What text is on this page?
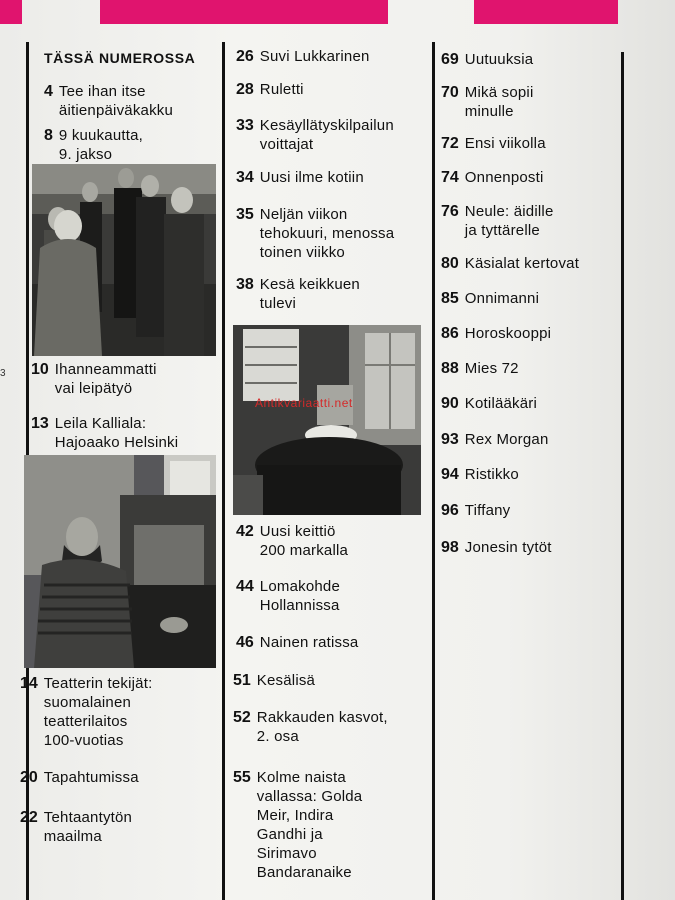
3
TÄSSÄ NUMEROSSA
4 Tee ihan itse
äitienpäiväkakku
8 9 kuukautta,
9. jakso
10 Ihanneammatti
vai leipätyö
13 Leila Kalliala:
Hajoaako Helsinki
14 Teatterin tekijät:
suomalainen
teatterilaitos
100-vuotias
20 Tapahtumissa
22 Tehtaantytön
maailma
26 Suvi Lukkarinen
28 Ruletti
33 Kesäyllätyskilpailun
voittajat
34 Uusi ilme kotiin
35 Neljän viikon
tehokuuri, menossa
toinen viikko
38 Kesä keikkuen
tulevi
42 Uusi keittiö
200 markalla
44 Lomakohde
Hollannissa
46 Nainen ratissa
51 Kesälisä
52 Rakkauden kasvot,
2. osa
55 Kolme naista
vallassa: Golda
Meir, Indira
Gandhi ja
Sirimavo
Bandaranaike
69 Uutuuksia
70 Mikä sopii
minulle
72 Ensi viikolla
74 Onnenposti
76 Neule: äidille
ja tyttärelle
80 Käsialat kertovat
85 Onnimanni
86 Horoskooppi
88 Mies 72
90 Kotilääkäri
93 Rex Morgan
94 Ristikko
96 Tiffany
98 Jonesin tytöt
Antikvariaatti.net
